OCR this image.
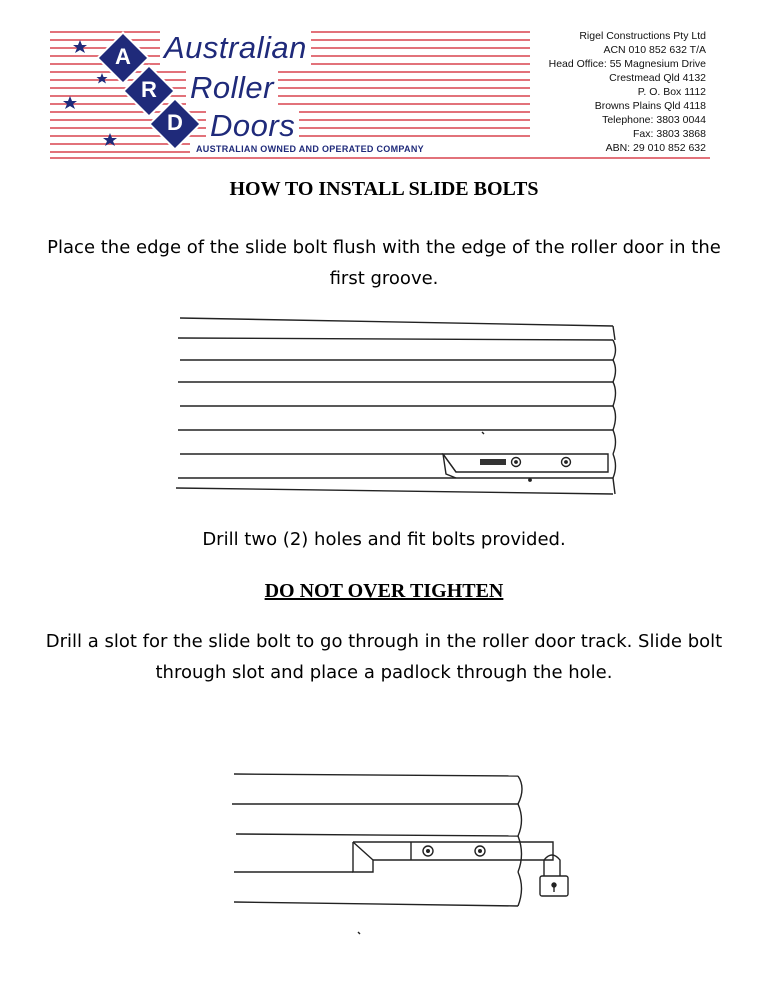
A
R
D
Australian
Roller
Doors
AUSTRALIAN OWNED AND OPERATED COMPANY
Rigel Constructions Pty Ltd
ACN 010 852 632 T/A
Head Office: 55 Magnesium Drive
Crestmead Qld 4132
P. O. Box 1112
Browns Plains Qld 4118
Telephone: 3803 0044
Fax: 3803 3868
ABN: 29 010 852 632
HOW TO INSTALL SLIDE BOLTS
Place the edge of the slide bolt flush with the edge of the roller door in the first groove.
Drill two (2) holes and fit bolts provided.
DO NOT OVER TIGHTEN
Drill a slot for the slide bolt to go through in the roller door track. Slide bolt through slot and place a padlock through the hole.
